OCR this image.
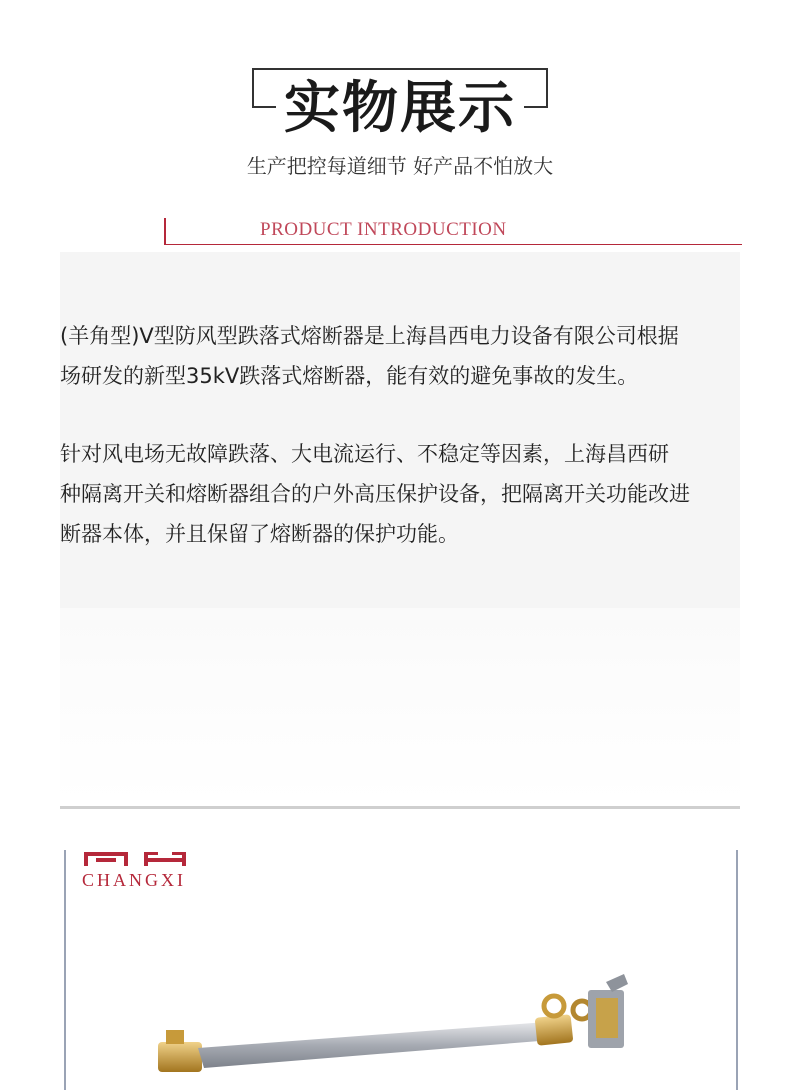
实物展示
生产把控每道细节 好产品不怕放大
PRODUCT INTRODUCTION

(羊角型)V型防风型跌落式熔断器是上海昌西电力设备有限公司根据

场研发的新型35kV跌落式熔断器，能有效的避免事故的发生。

针对风电场无故障跌落、大电流运行、不稳定等因素，上海昌西研

种隔离开关和熔断器组合的户外高压保护设备，把隔离开关功能改进

断器本体，并且保留了熔断器的保护功能。

CHANGXI
